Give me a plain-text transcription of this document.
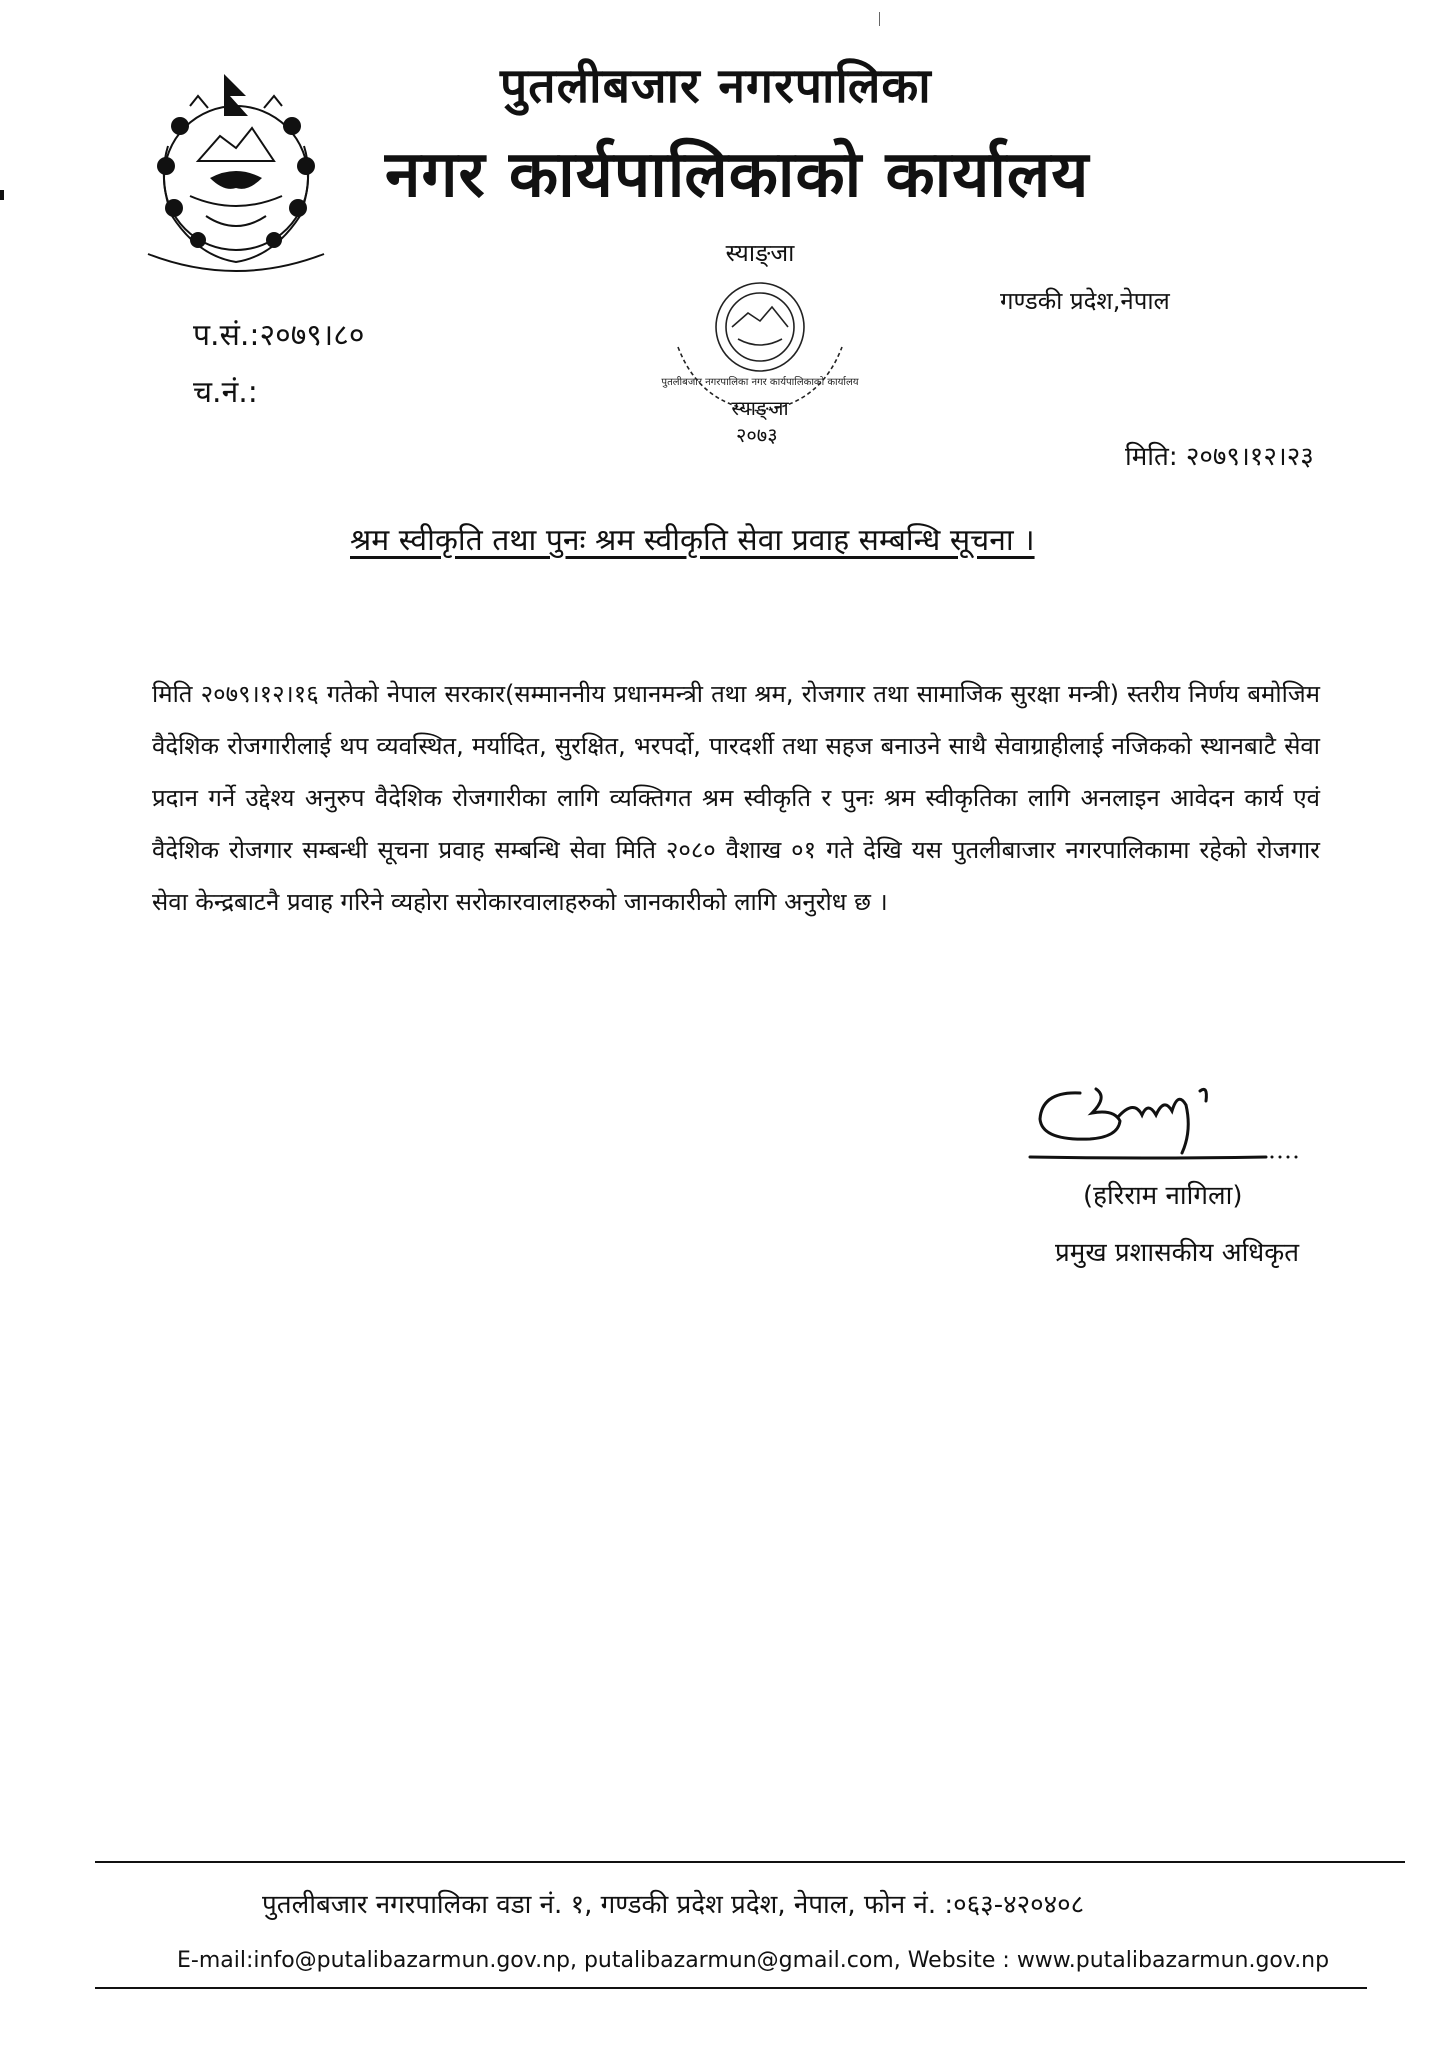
पुतलीबजार नगरपालिका
नगर कार्यपालिकाको कार्यालय
स्याङ्जा
पुतलीबजार नगरपालिका नगर कार्यपालिकाको कार्यालय
स्याङ्जा
२०७३
गण्डकी प्रदेश,नेपाल
प.सं.:२०७९।८०
च.नं.:
मिति: २०७९।१२।२३
श्रम स्वीकृति तथा पुनः श्रम स्वीकृति सेवा प्रवाह सम्बन्धि सूचना ।
मिति २०७९।१२।१६ गतेको नेपाल सरकार(सम्माननीय प्रधानमन्त्री तथा श्रम, रोजगार तथा सामाजिक सुरक्षा मन्त्री) स्तरीय निर्णय बमोजिम वैदेशिक रोजगारीलाई थप व्यवस्थित, मर्यादित, सुरक्षित, भरपर्दो, पारदर्शी तथा सहज बनाउने साथै सेवाग्राहीलाई नजिकको स्थानबाटै सेवा प्रदान गर्ने उद्देश्य अनुरुप वैदेशिक रोजगारीका लागि व्यक्तिगत श्रम स्वीकृति र पुनः श्रम स्वीकृतिका लागि अनलाइन आवेदन कार्य एवं वैदेशिक रोजगार सम्बन्धी सूचना प्रवाह सम्बन्धि सेवा मिति २०८० वैशाख ०१ गते देखि यस पुतलीबाजार नगरपालिकामा रहेको रोजगार सेवा केन्द्रबाटनै प्रवाह गरिने व्यहोरा सरोकारवालाहरुको जानकारीको लागि अनुरोध छ ।
(हरिराम नागिला)
प्रमुख प्रशासकीय अधिकृत
पुतलीबजार नगरपालिका वडा नं. १, गण्डकी प्रदेश प्रदेश, नेपाल, फोन नं. :०६३-४२०४०८
E-mail:info@putalibazarmun.gov.np, putalibazarmun@gmail.com, Website : www.putalibazarmun.gov.np
